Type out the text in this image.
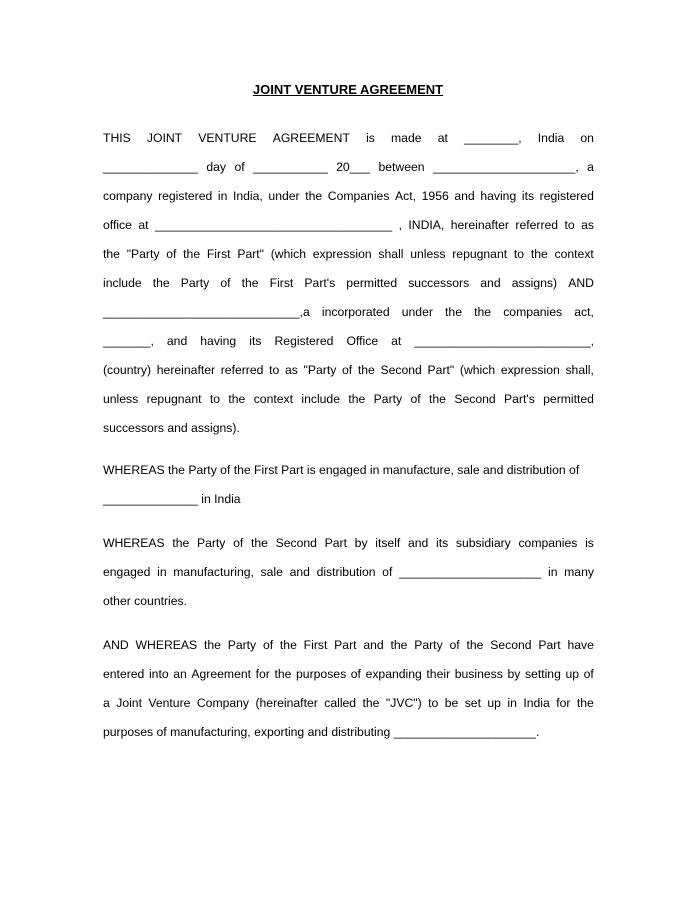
JOINT VENTURE AGREEMENT
THIS JOINT VENTURE AGREEMENT is made at ________, India on
______________ day of ___________ 20___ between _____________________, a
company registered in India, under the Companies Act, 1956 and having its registered
office at ___________________________________ , INDIA, hereinafter referred to as
the "Party of the First Part" (which expression shall unless repugnant to the context
include the Party of the First Part's permitted successors and assigns) AND
_____________________________,a incorporated under the the companies act,
_______, and having its Registered Office at __________________________,
(country) hereinafter referred to as "Party of the Second Part" (which expression shall,
unless repugnant to the context include the Party of the Second Part's permitted
successors and assigns).
WHEREAS the Party of the First Part is engaged in manufacture, sale and distribution of
______________ in India
WHEREAS the Party of the Second Part by itself and its subsidiary companies is
engaged in manufacturing, sale and distribution of _____________________ in many
other countries.
AND WHEREAS the Party of the First Part and the Party of the Second Part have
entered into an Agreement for the purposes of expanding their business by setting up of
a Joint Venture Company (hereinafter called the "JVC") to be set up in India for the
purposes of manufacturing, exporting and distributing _____________________.
